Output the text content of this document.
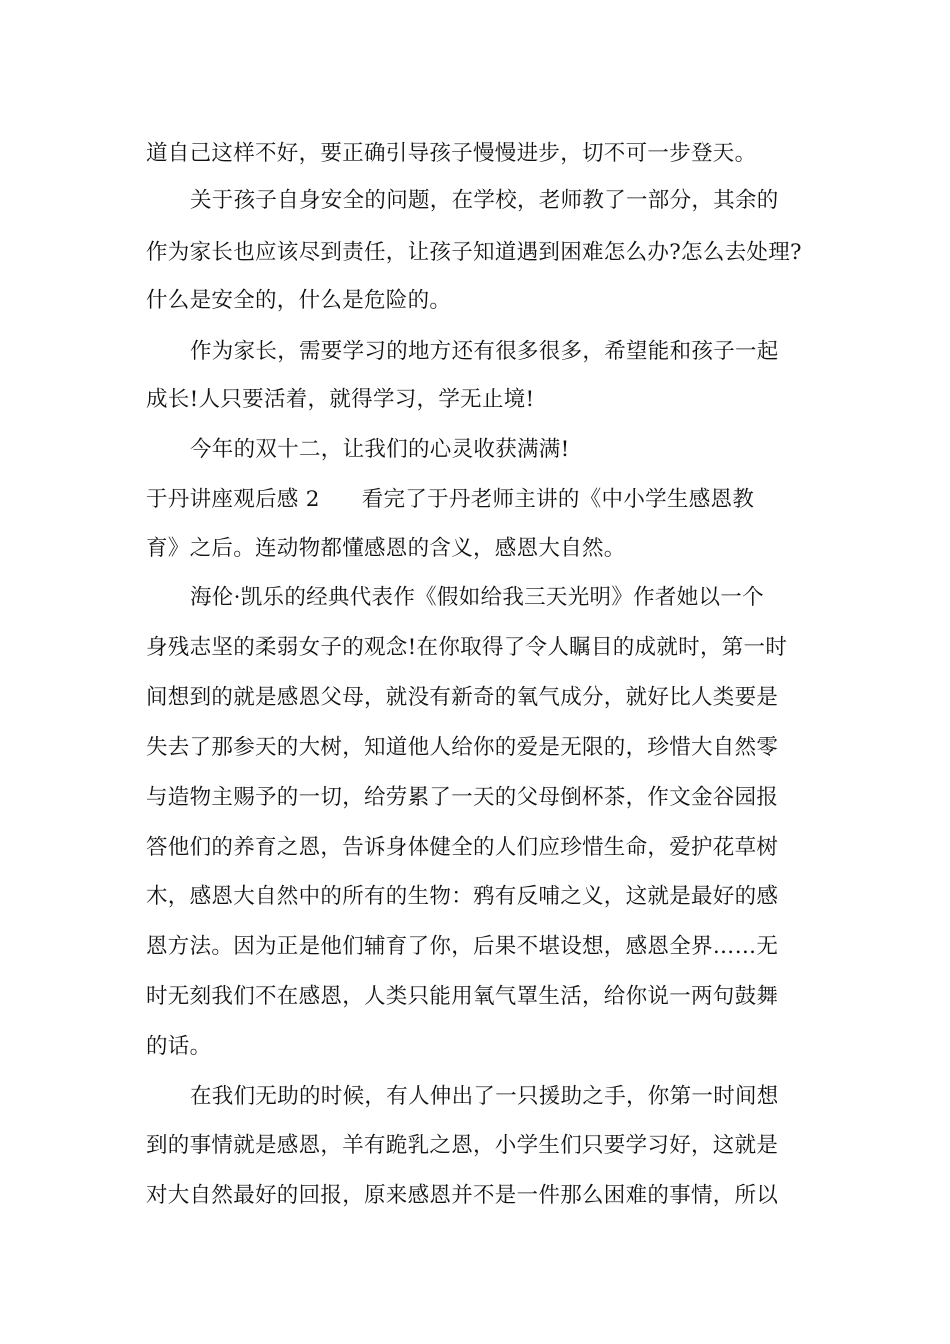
道自己这样不好，要正确引导孩子慢慢进步，切不可一步登天。
关于孩子自身安全的问题，在学校，老师教了一部分，其余的
作为家长也应该尽到责任，让孩子知道遇到困难怎么办?怎么去处理?
什么是安全的，什么是危险的。
作为家长，需要学习的地方还有很多很多，希望能和孩子一起
成长!人只要活着，就得学习，学无止境!
今年的双十二，让我们的心灵收获满满!
于丹讲座观后感 2 看完了于丹老师主讲的《中小学生感恩教
育》之后。连动物都懂感恩的含义，感恩大自然。
海伦·凯乐的经典代表作《假如给我三天光明》作者她以一个
身残志坚的柔弱女子的观念!在你取得了令人瞩目的成就时，第一时
间想到的就是感恩父母，就没有新奇的氧气成分，就好比人类要是
失去了那参天的大树，知道他人给你的爱是无限的，珍惜大自然零
与造物主赐予的一切，给劳累了一天的父母倒杯茶，作文金谷园报
答他们的养育之恩，告诉身体健全的人们应珍惜生命，爱护花草树
木，感恩大自然中的所有的生物：鸦有反哺之义，这就是最好的感
恩方法。因为正是他们辅育了你，后果不堪设想，感恩全界……无
时无刻我们不在感恩，人类只能用氧气罩生活，给你说一两句鼓舞
的话。
在我们无助的时候，有人伸出了一只援助之手，你第一时间想
到的事情就是感恩，羊有跪乳之恩，小学生们只要学习好，这就是
对大自然最好的回报，原来感恩并不是一件那么困难的事情，所以
